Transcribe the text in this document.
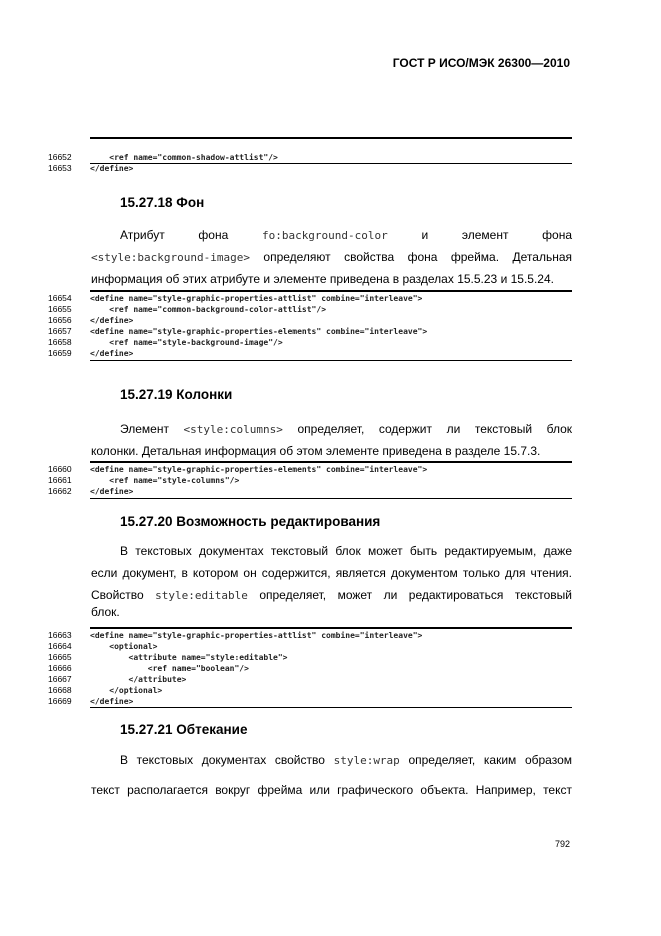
ГОСТ Р ИСО/МЭК 26300—2010

16652	<ref name="common-shadow-attlist"/>

16653	</define>

15.27.18 Фон
Атрибут	фона	fo:background-color	и	элемент	фона
<style:background-image> определяют свойства фона фрейма. Детальная
информация об этих атрибуте и элементе приведена в разделах 15.5.23 и 15.5.24.
16654	<define name="style-graphic-properties-attlist" combine="interleave">
16655	<ref name="common-background-color-attlist"/>
16656	</define>
16657	<define name="style-graphic-properties-elements" combine="interleave">
16658	<ref name="style-background-image"/>
16659	</define>
15.27.19 Колонки
Элемент <style:columns> определяет, содержит ли текстовый блок
колонки. Детальная информация об этом элементе приведена в разделе 15.7.3.
16660	<define name="style-graphic-properties-elements" combine="interleave">
16661	<ref name="style-columns"/>
16662	</define>
15.27.20 Возможность редактирования
В текстовых документах текстовый блок может быть редактируемым, даже
если документ, в котором он содержится, является документом только для чтения.
Свойство style:editable определяет, может ли редактироваться текстовый
блок.
16663	<define name="style-graphic-properties-attlist" combine="interleave">
16664	<optional>
16665	<attribute name="style:editable">
16666	<ref name="boolean"/>
16667	</attribute>
16668	</optional>
16669	</define>
15.27.21 Обтекание
В текстовых документах свойство style:wrap определяет, каким образом
текст располагается вокруг фрейма или графического объекта. Например, текст
792
